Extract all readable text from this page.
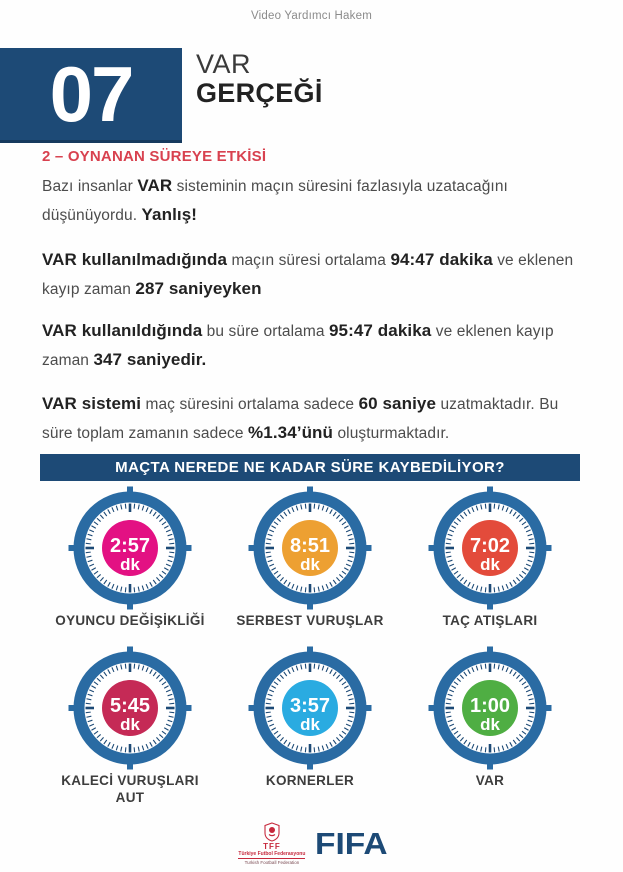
Video Yardımcı Hakem
07 VAR
GERÇEĞİ
2 – OYNANAN SÜREYE ETKİSİ
Bazı insanlar VAR sisteminin maçın süresini fazlasıyla uzatacağını düşünüyordu. Yanlış!
VAR kullanılmadığında maçın süresi ortalama 94:47 dakika ve eklenen kayıp zaman 287 saniyeyken
VAR kullanıldığında bu süre ortalama 95:47 dakika ve eklenen kayıp zaman 347 saniyedir.
VAR sistemi maç süresini ortalama sadece 60 saniye uzatmaktadır. Bu süre toplam zamanın sadece %1.34’ünü oluşturmaktadır.
MAÇTA NEREDE NE KADAR SÜRE KAYBEDİLİYOR?
2:57
dk
OYUNCU DEĞİŞİKLİĞİ
8:51
dk
SERBEST VURUŞLAR
7:02
dk
TAÇ ATIŞLARI
5:45
dk
KALECİ VURUŞLARI AUT
3:57
dk
KORNERLER
1:00
dk
VAR
TFF
Türkiye Futbol Federasyonu
Turkish Football Federation
FIFA
